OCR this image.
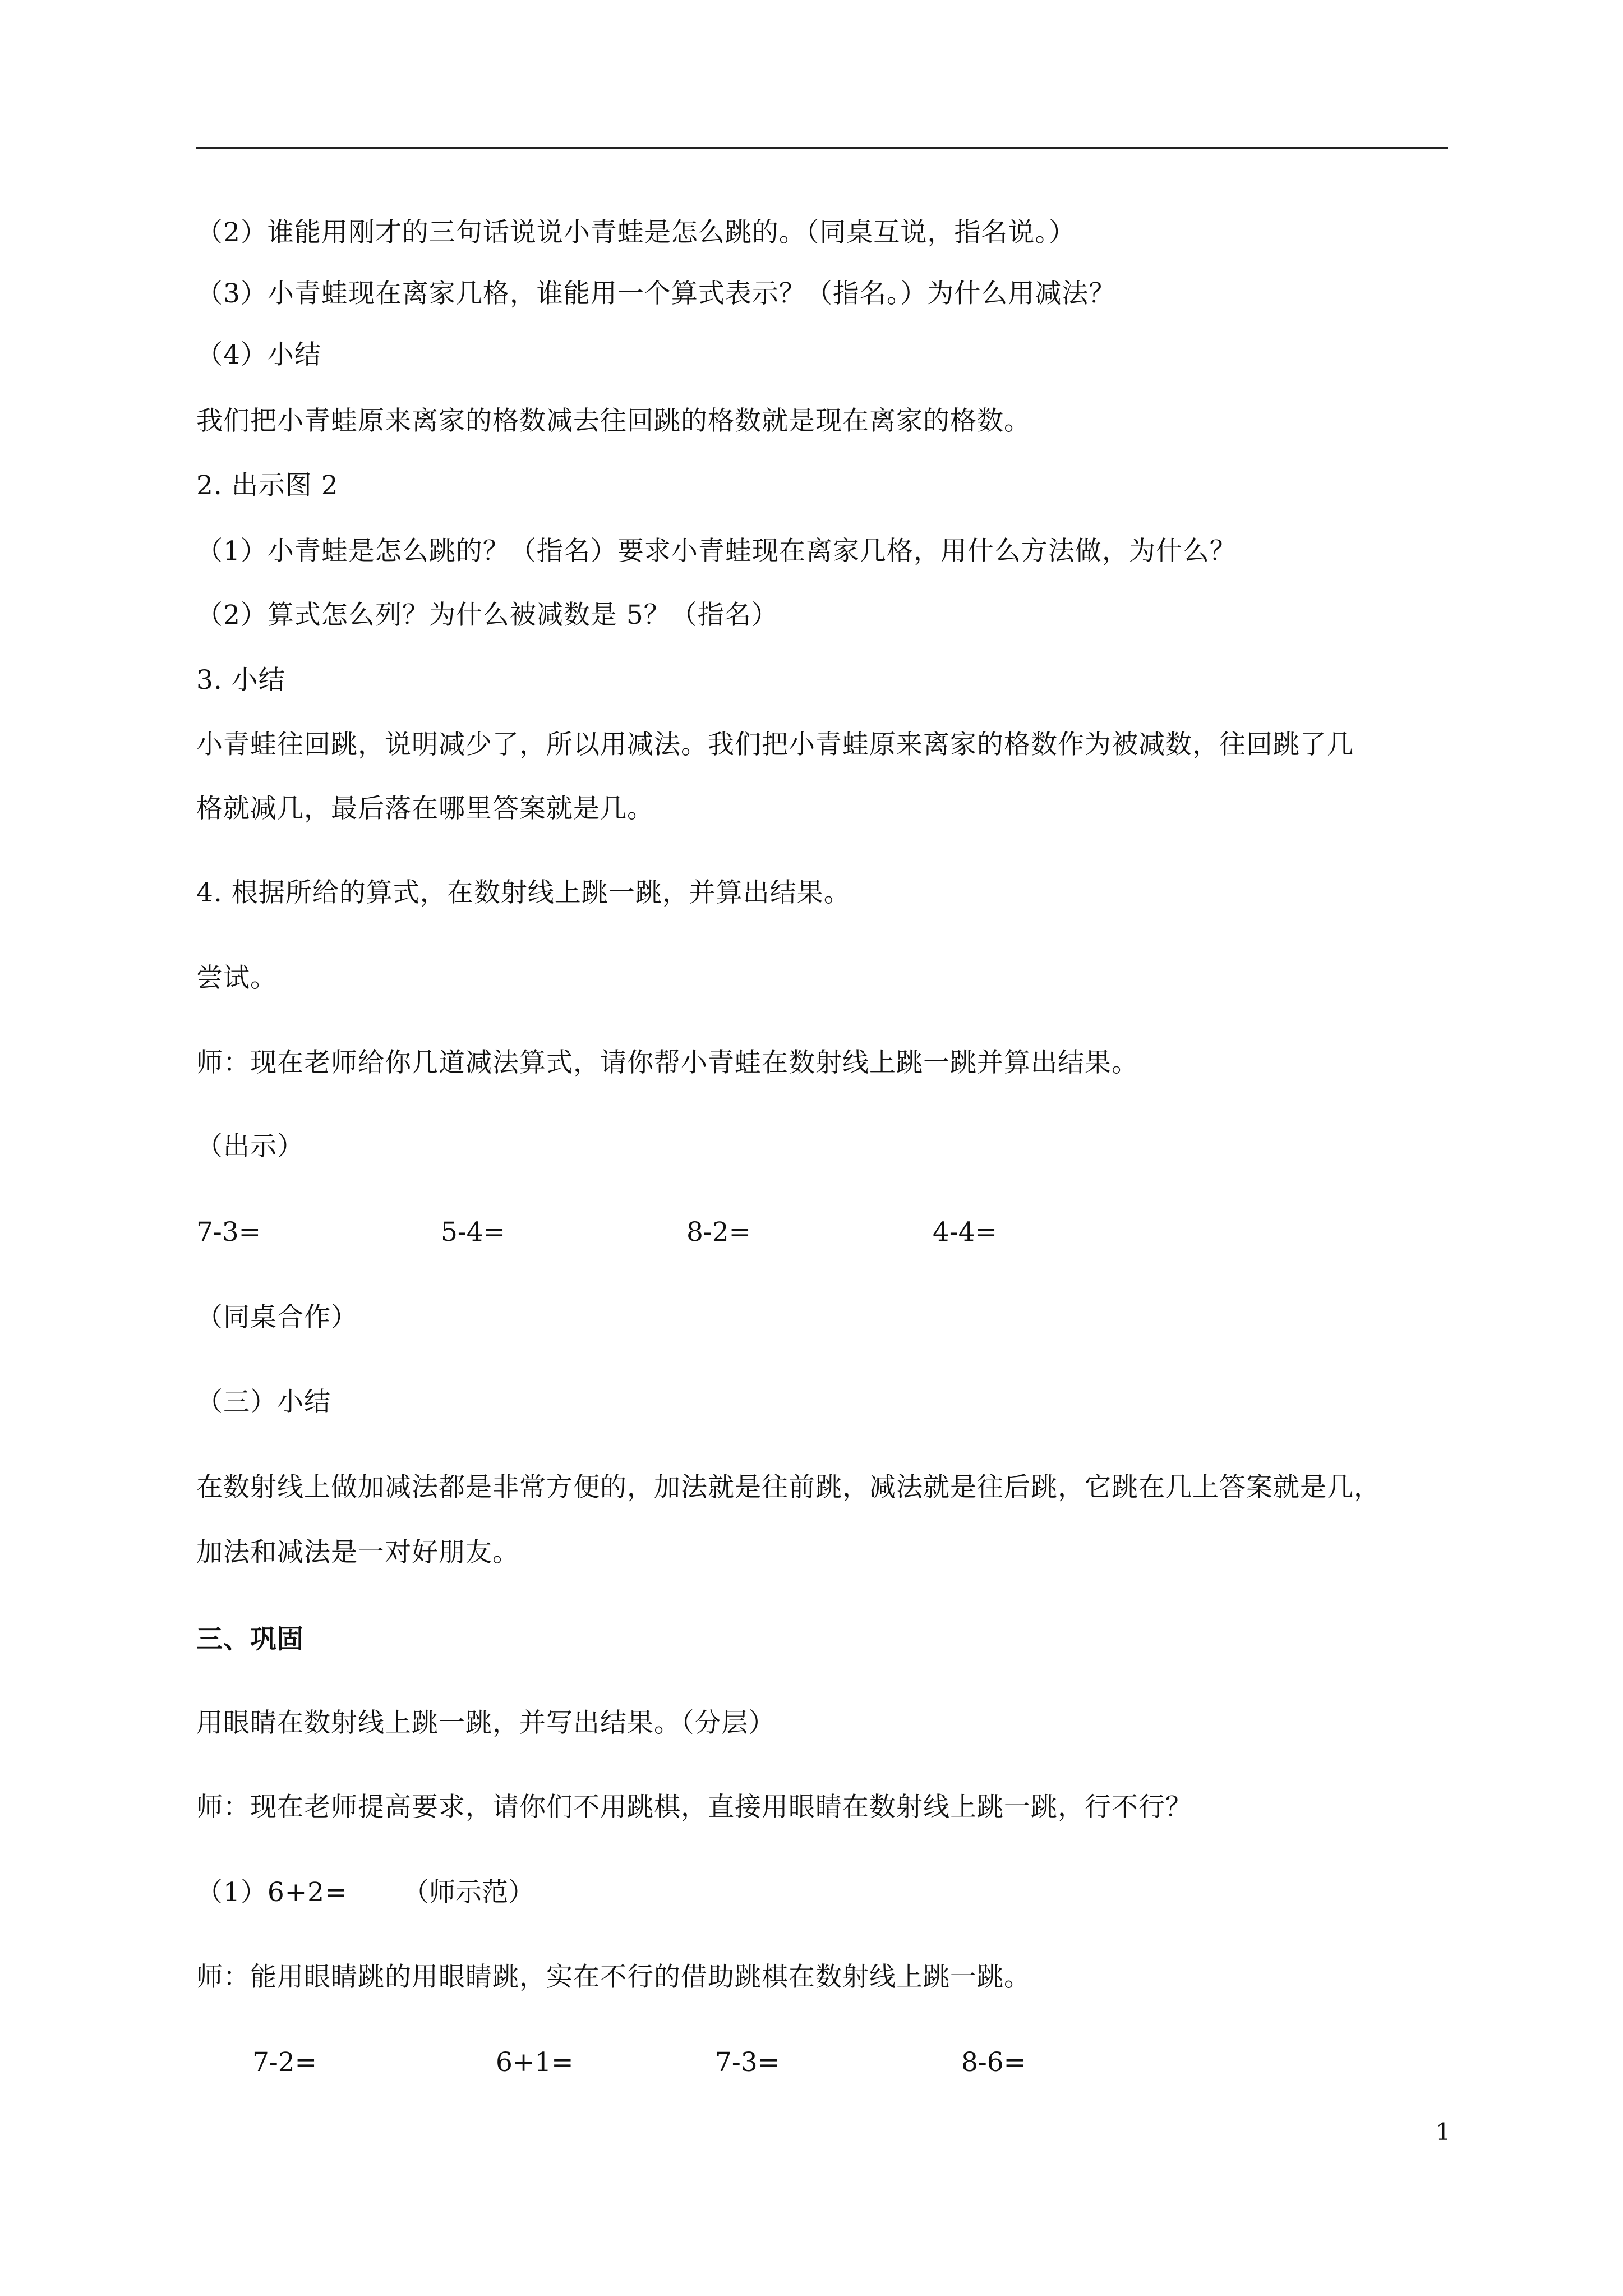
（2）谁能用刚才的三句话说说小青蛙是怎么跳的。（同桌互说，指名说。）
（3）小青蛙现在离家几格，谁能用一个算式表示？（指名。）为什么用减法？
（4）小结
我们把小青蛙原来离家的格数减去往回跳的格数就是现在离家的格数。
2. 出示图 2
（1）小青蛙是怎么跳的？（指名）要求小青蛙现在离家几格，用什么方法做，为什么？
（2）算式怎么列？为什么被减数是 5？（指名）
3. 小结
小青蛙往回跳，说明减少了，所以用减法。我们把小青蛙原来离家的格数作为被减数，往回跳了几
格就减几，最后落在哪里答案就是几。
4. 根据所给的算式，在数射线上跳一跳，并算出结果。
尝试。
师：现在老师给你几道减法算式，请你帮小青蛙在数射线上跳一跳并算出结果。
（出示）
7-3=	5-4=	8-2=	4-4=
（同桌合作）
（三）小结
在数射线上做加减法都是非常方便的，加法就是往前跳，减法就是往后跳，它跳在几上答案就是几，
加法和减法是一对好朋友。
三、巩固
用眼睛在数射线上跳一跳，并写出结果。（分层）
师：现在老师提高要求，请你们不用跳棋，直接用眼睛在数射线上跳一跳，行不行？
（1）6+2= （师示范）
师：能用眼睛跳的用眼睛跳，实在不行的借助跳棋在数射线上跳一跳。
7-2=	6+1=	7-3=	8-6=
1
